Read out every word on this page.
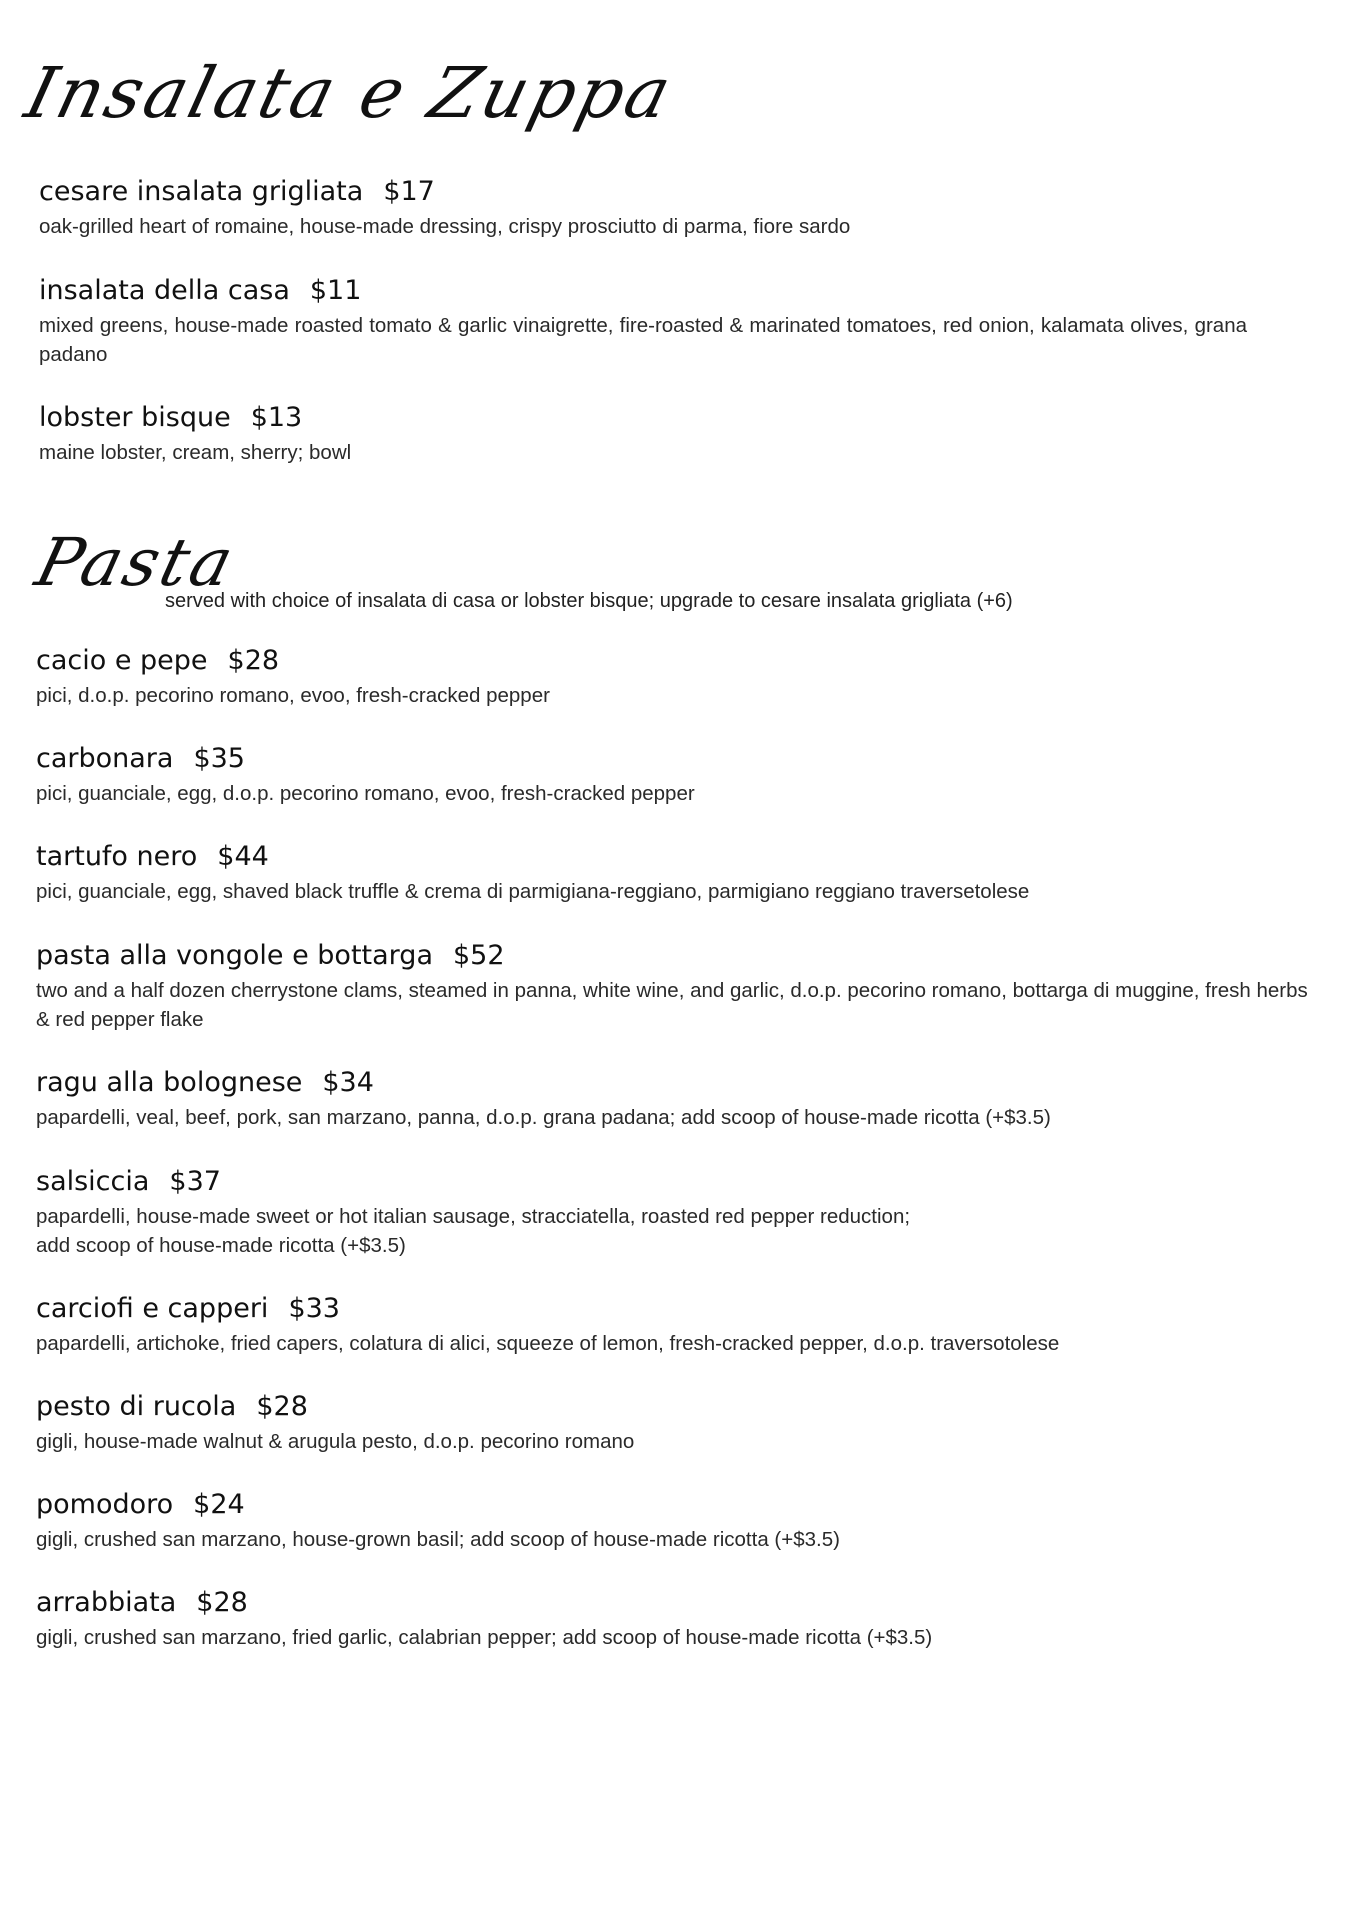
Insalata e Zuppa
cesare insalata grigliata $17
oak-grilled heart of romaine, house-made dressing, crispy prosciutto di parma, fiore sardo
insalata della casa $11
mixed greens, house-made roasted tomato & garlic vinaigrette, fire-roasted & marinated tomatoes, red onion, kalamata olives, grana padano
lobster bisque $13
maine lobster, cream, sherry; bowl
Pasta
served with choice of insalata di casa or lobster bisque; upgrade to cesare insalata grigliata (+6)
cacio e pepe $28
pici, d.o.p. pecorino romano, evoo, fresh-cracked pepper
carbonara $35
pici, guanciale, egg, d.o.p. pecorino romano, evoo, fresh-cracked pepper
tartufo nero $44
pici, guanciale, egg, shaved black truffle & crema di parmigiana-reggiano, parmigiano reggiano traversetolese
pasta alla vongole e bottarga $52
two and a half dozen cherrystone clams, steamed in panna, white wine, and garlic, d.o.p. pecorino romano, bottarga di muggine, fresh herbs & red pepper flake
ragu alla bolognese $34
papardelli, veal, beef, pork, san marzano, panna, d.o.p. grana padana; add scoop of house-made ricotta (+$3.5)
salsiccia $37
papardelli, house-made sweet or hot italian sausage, stracciatella, roasted red pepper reduction;
add scoop of house-made ricotta (+$3.5)
carciofi e capperi $33
papardelli, artichoke, fried capers, colatura di alici, squeeze of lemon, fresh-cracked pepper, d.o.p. traversotolese
pesto di rucola $28
gigli, house-made walnut & arugula pesto, d.o.p. pecorino romano
pomodoro $24
gigli, crushed san marzano, house-grown basil; add scoop of house-made ricotta (+$3.5)
arrabbiata $28
gigli, crushed san marzano, fried garlic, calabrian pepper; add scoop of house-made ricotta (+$3.5)
